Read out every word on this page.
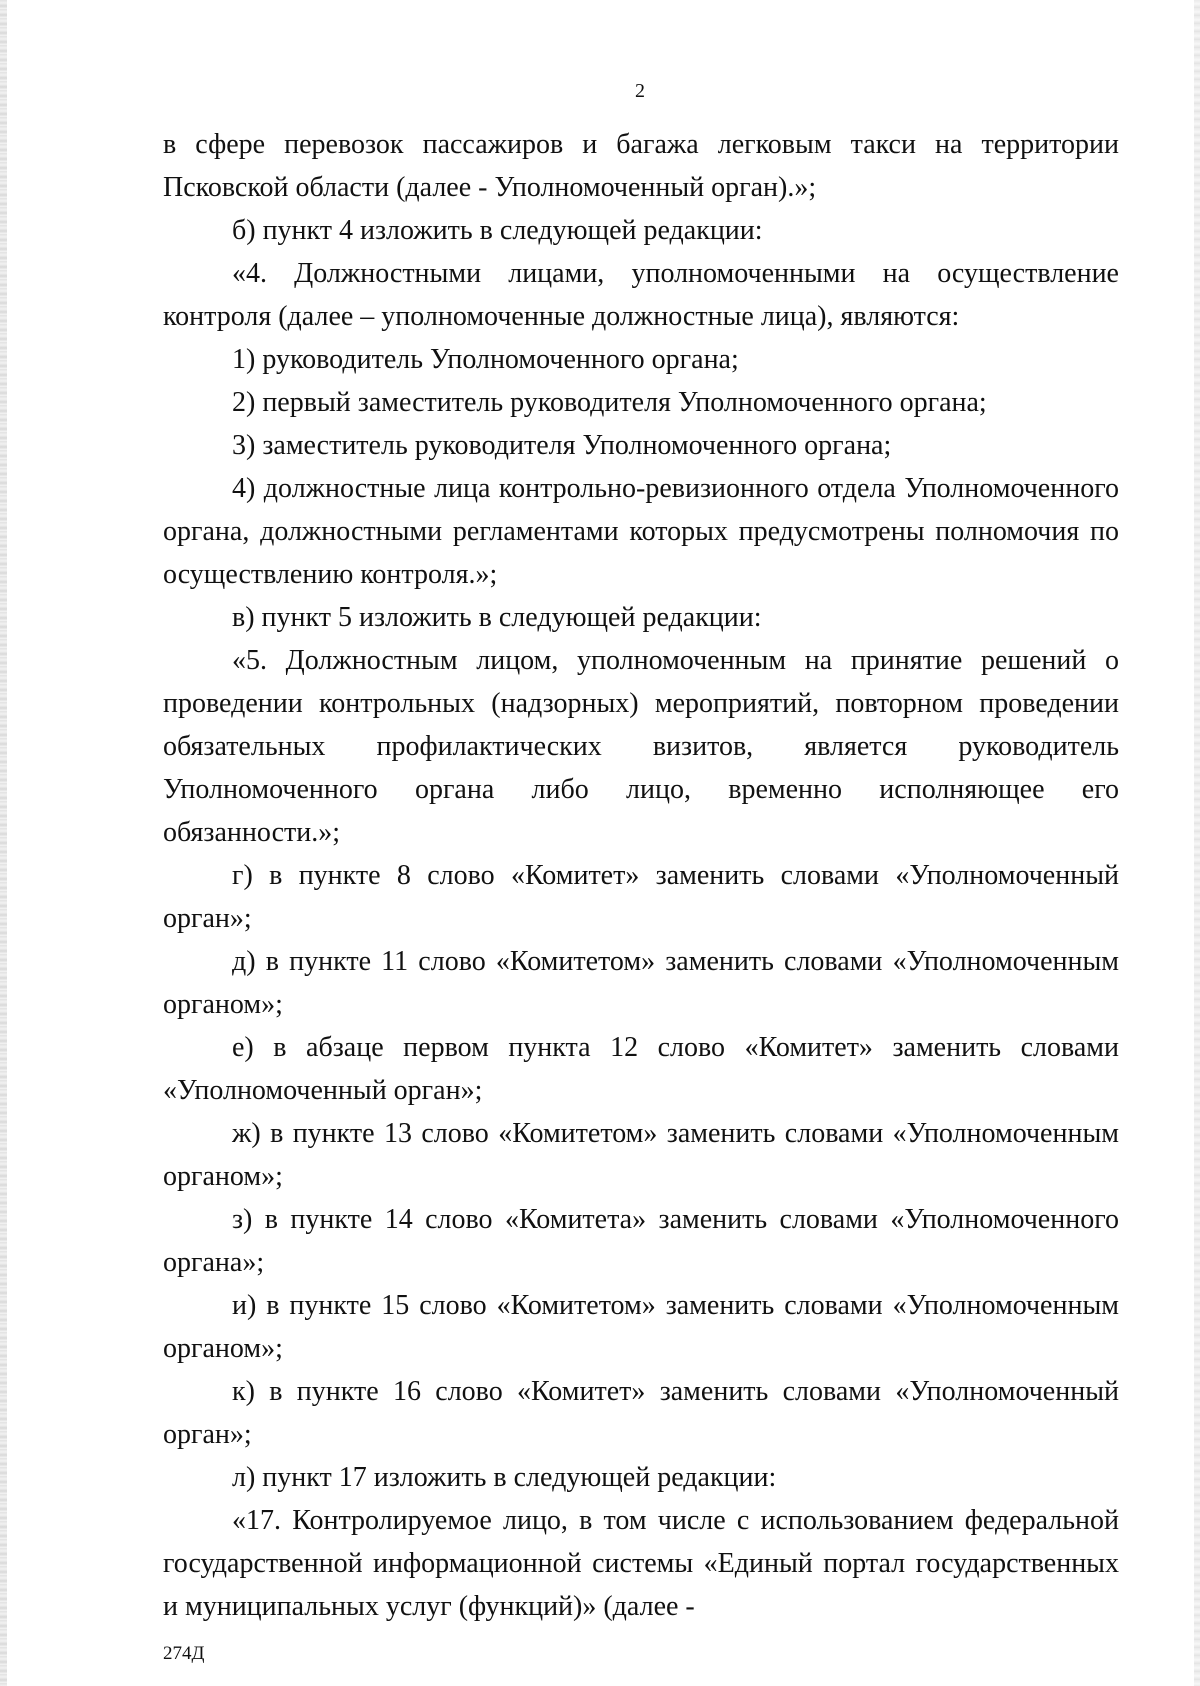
2

в сфере перевозок пассажиров и багажа легковым такси на территории Псковской области (далее - Уполномоченный орган).»;

б) пункт 4 изложить в следующей редакции:

«4. Должностными лицами, уполномоченными на осуществление контроля (далее – уполномоченные должностные лица), являются:

1) руководитель Уполномоченного органа;

2) первый заместитель руководителя Уполномоченного органа;

3) заместитель руководителя Уполномоченного органа;

4) должностные лица контрольно-ревизионного отдела Уполномоченного органа, должностными регламентами которых предусмотрены полномочия по осуществлению контроля.»;

в) пункт 5 изложить в следующей редакции:

«5. Должностным лицом, уполномоченным на принятие решений о проведении контрольных (надзорных) мероприятий, повторном проведении обязательных профилактических визитов, является руководитель Уполномоченного органа либо лицо, временно исполняющее его обязанности.»;

г) в пункте 8 слово «Комитет» заменить словами «Уполномоченный орган»;

д) в пункте 11 слово «Комитетом» заменить словами «Уполномоченным органом»;

е) в абзаце первом пункта 12 слово «Комитет» заменить словами «Уполномоченный орган»;

ж) в пункте 13 слово «Комитетом» заменить словами «Уполномоченным органом»;

з) в пункте 14 слово «Комитета» заменить словами «Уполномоченного органа»;

и) в пункте 15 слово «Комитетом» заменить словами «Уполномоченным органом»;

к) в пункте 16 слово «Комитет» заменить словами «Уполномоченный орган»;

л) пункт 17 изложить в следующей редакции:

«17. Контролируемое лицо, в том числе с использованием федеральной государственной информационной системы «Единый портал государственных и муниципальных услуг (функций)» (далее -

274Д
